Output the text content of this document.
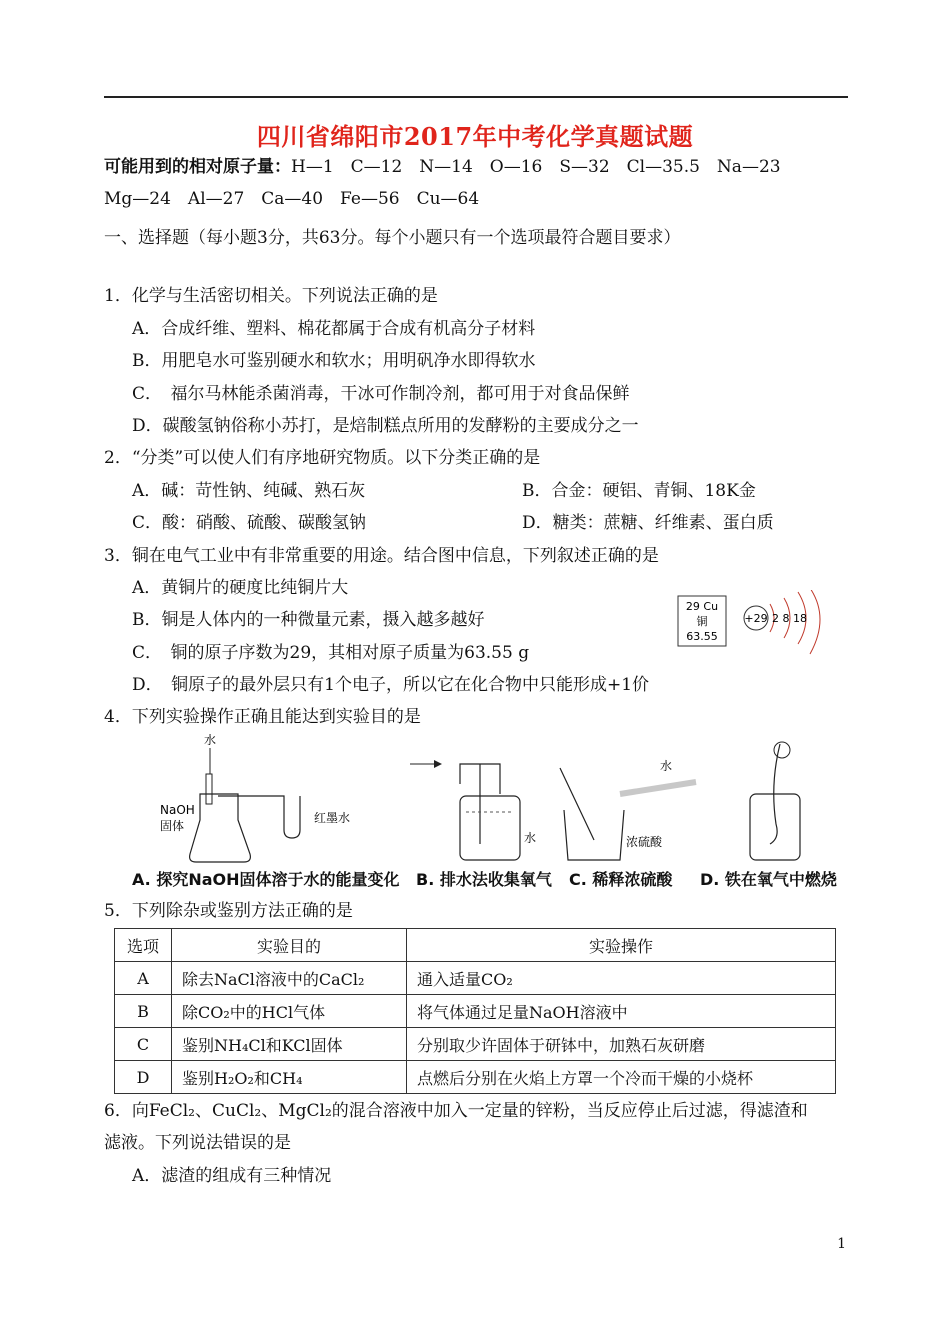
四川省绵阳市2017年中考化学真题试题
可能用到的相对原子量：H—1　C—12　N—14　O—16　S—32　Cl—35.5　Na—23
Mg—24　Al—27　Ca—40　Fe—56　Cu—64
一、选择题（每小题3分，共63分。每个小题只有一个选项最符合题目要求）
1．化学与生活密切相关。下列说法正确的是
A．合成纤维、塑料、棉花都属于合成有机高分子材料
B．用肥皂水可鉴别硬水和软水；用明矾净水即得软水
C．　福尔马林能杀菌消毒，干冰可作制冷剂，都可用于对食品保鲜
D．碳酸氢钠俗称小苏打，是焙制糕点所用的发酵粉的主要成分之一
2．“分类”可以使人们有序地研究物质。以下分类正确的是
A．碱：苛性钠、纯碱、熟石灰	B．合金：硬铝、青铜、18K金
C．酸：硝酸、硫酸、碳酸氢钠	D．糖类：蔗糖、纤维素、蛋白质
3．铜在电气工业中有非常重要的用途。结合图中信息，下列叙述正确的是
A．黄铜片的硬度比纯铜片大
B．铜是人体内的一种微量元素，摄入越多越好
C．　铜的原子序数为29，其相对原子质量为63.55 g
D．　铜原子的最外层只有1个电子，所以它在化合物中只能形成+1价
29 Cu
铜
63.55
+29 2 8 18
4．下列实验操作正确且能达到实验目的是
水
NaOH
固体
红墨水
水
水
浓硫酸
A. 探究NaOH固体溶于水的能量变化 B. 排水法收集氧气 C. 稀释浓硫酸 D. 铁在氧气中燃烧
5．下列除杂或鉴别方法正确的是
选项	实验目的	实验操作
A	除去NaCl溶液中的CaCl₂	通入适量CO₂
B	除CO₂中的HCl气体	将气体通过足量NaOH溶液中
C	鉴别NH₄Cl和KCl固体	分别取少许固体于研钵中，加熟石灰研磨
D	鉴别H₂O₂和CH₄	点燃后分别在火焰上方罩一个冷而干燥的小烧杯
6．向FeCl₂、CuCl₂、MgCl₂的混合溶液中加入一定量的锌粉，当反应停止后过滤，得滤渣和
滤液。下列说法错误的是
A．滤渣的组成有三种情况
1
